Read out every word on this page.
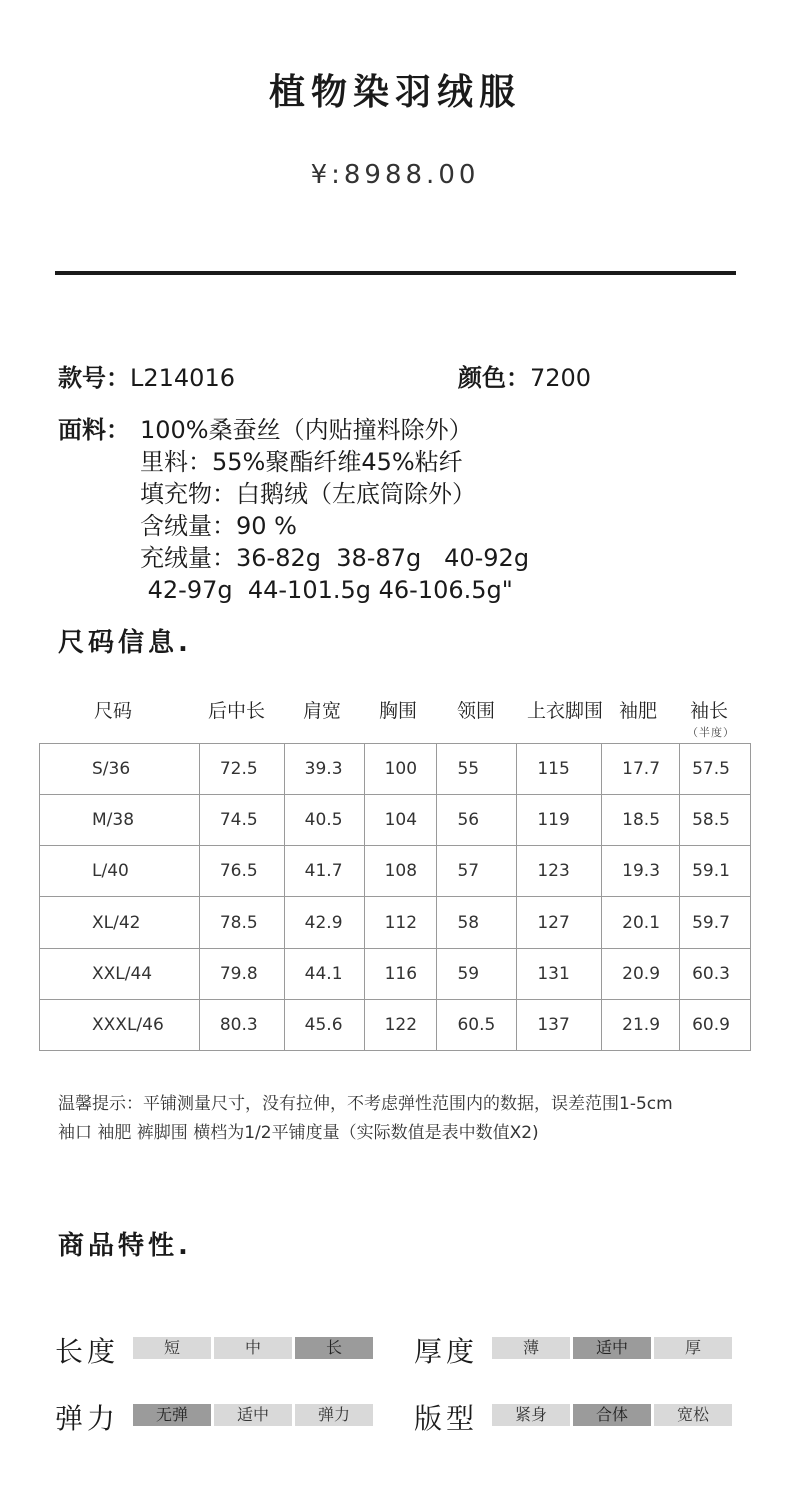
植物染羽绒服
¥:8988.00
款号：L214016	颜色：7200
面料： 100%桑蚕丝（内贴撞料除外）
里料：55%聚酯纤维45%粘纤
填充物：白鹅绒（左底筒除外）
含绒量：90 %
充绒量：36-82g  38-87g   40-92g
42-97g  44-101.5g 46-106.5g"
尺码信息.
尺码	后中长 肩宽 胸围 领围 上衣脚围 袖肥 袖长
（半度）
S/36	72.5	39.3	100	55	115	17.7	57.5
M/38	74.5	40.5	104	56	119	18.5	58.5
L/40	76.5	41.7	108	57	123	19.3	59.1
XL/42	78.5	42.9	112	58	127	20.1	59.7
XXL/44	79.8	44.1	116	59	131	20.9	60.3
XXXL/46	80.3	45.6	122	60.5	137	21.9	60.9
温馨提示：平铺测量尺寸，没有拉伸，不考虑弹性范围内的数据，误差范围1-5cm
袖口 袖肥 裤脚围 横档为1/2平铺度量（实际数值是表中数值X2)
商品特性.
长度	短	中	长	厚度	薄	适中	厚
弹力	无弹	适中	弹力	版型	紧身	合体	宽松
